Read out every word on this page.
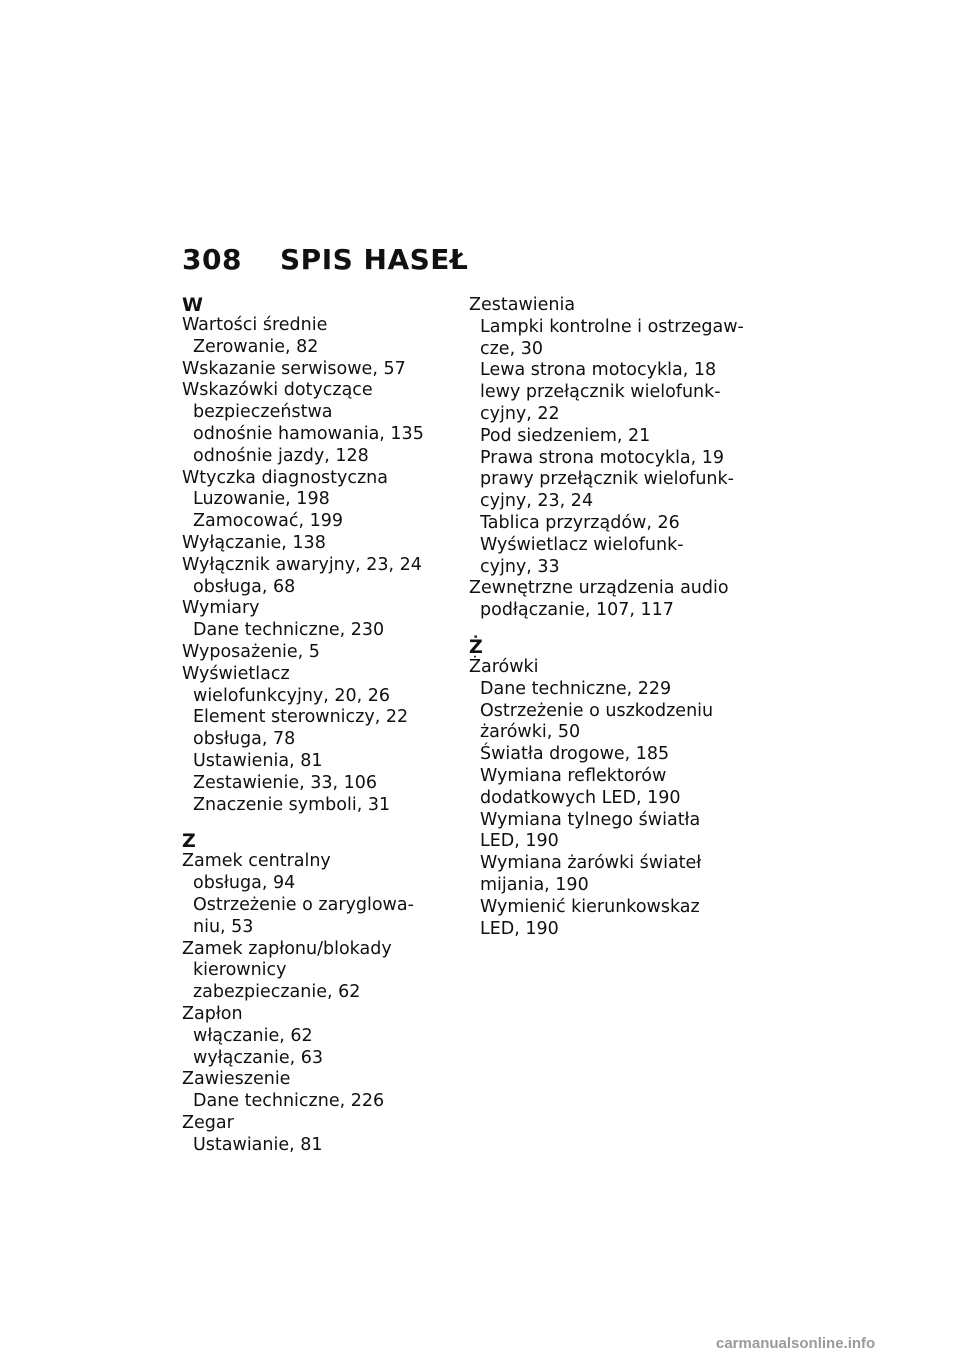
308 SPIS HASEŁ
W
Wartości średnie
Zerowanie, 82
Wskazanie serwisowe, 57
Wskazówki dotyczące
bezpieczeństwa
odnośnie hamowania, 135
odnośnie jazdy, 128
Wtyczka diagnostyczna
Luzowanie, 198
Zamocować, 199
Wyłączanie, 138
Wyłącznik awaryjny, 23, 24
obsługa, 68
Wymiary
Dane techniczne, 230
Wyposażenie, 5
Wyświetlacz
wielofunkcyjny, 20, 26
Element sterowniczy, 22
obsługa, 78
Ustawienia, 81
Zestawienie, 33, 106
Znaczenie symboli, 31
Z
Zamek centralny
obsługa, 94
Ostrzeżenie o zaryglowa-
niu, 53
Zamek zapłonu/blokady
kierownicy
zabezpieczanie, 62
Zapłon
włączanie, 62
wyłączanie, 63
Zawieszenie
Dane techniczne, 226
Zegar
Ustawianie, 81
Zestawienia
Lampki kontrolne i ostrzegaw-
cze, 30
Lewa strona motocykla, 18
lewy przełącznik wielofunk-
cyjny, 22
Pod siedzeniem, 21
Prawa strona motocykla, 19
prawy przełącznik wielofunk-
cyjny, 23, 24
Tablica przyrządów, 26
Wyświetlacz wielofunk-
cyjny, 33
Zewnętrzne urządzenia audio
podłączanie, 107, 117
Ż
Żarówki
Dane techniczne, 229
Ostrzeżenie o uszkodzeniu
żarówki, 50
Światła drogowe, 185
Wymiana reflektorów
dodatkowych LED, 190
Wymiana tylnego światła
LED, 190
Wymiana żarówki świateł
mijania, 190
Wymienić kierunkowskaz
LED, 190
carmanualsonline.info
